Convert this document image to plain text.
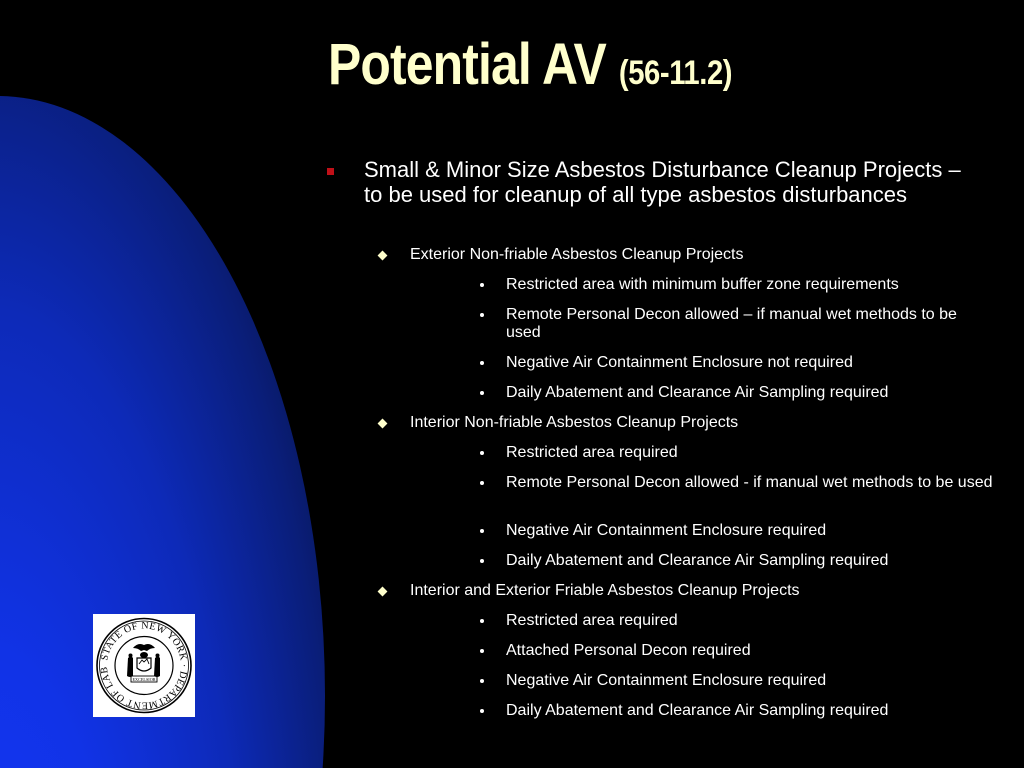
Potential AV (56-11.2)
Small & Minor Size Asbestos Disturbance Cleanup Projects – to be used for cleanup of all type asbestos disturbances
Exterior Non-friable Asbestos Cleanup Projects
Restricted area with minimum buffer zone requirements
Remote Personal Decon allowed – if manual wet methods to be used
Negative Air Containment Enclosure not required
Daily Abatement and Clearance Air Sampling required
Interior Non-friable Asbestos Cleanup Projects
Restricted area required
Remote Personal Decon allowed - if manual wet methods to be used
Negative Air Containment Enclosure required
Daily Abatement and Clearance Air Sampling required
Interior and Exterior Friable Asbestos Cleanup Projects
Restricted area required
Attached Personal Decon required
Negative Air Containment Enclosure required
Daily Abatement and Clearance Air Sampling required
STATE OF NEW YORK · DEPARTMENT OF LAB
EXCELSIOR
